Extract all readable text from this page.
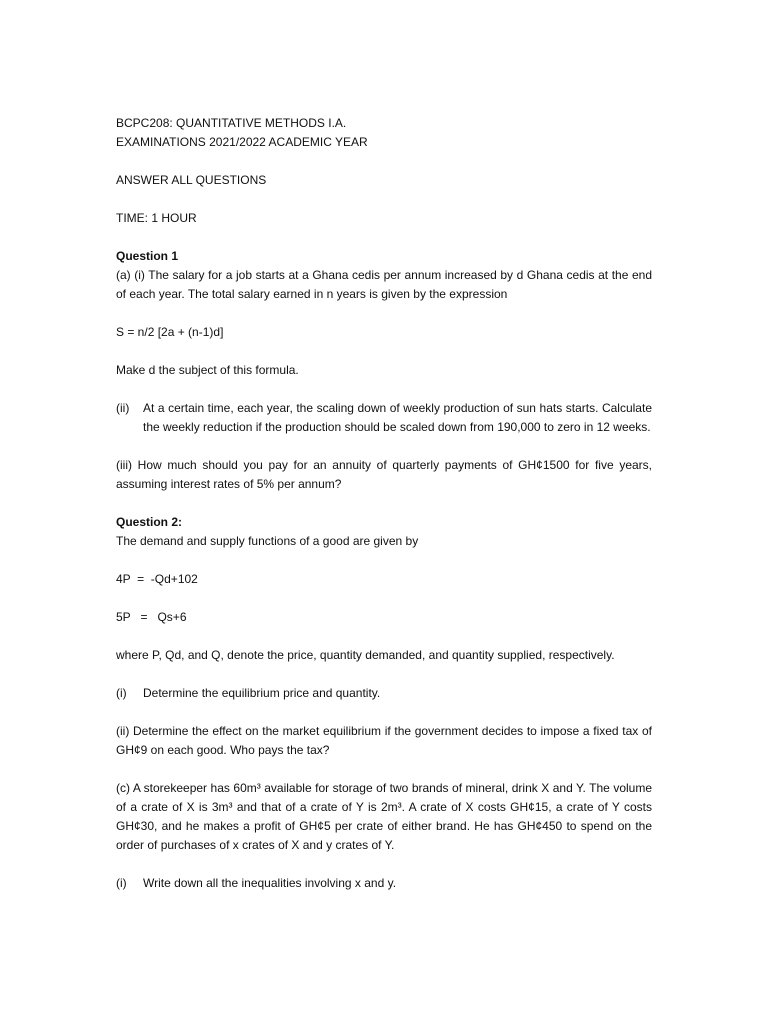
BCPC208: QUANTITATIVE METHODS I.A.

EXAMINATIONS 2021/2022 ACADEMIC YEAR

ANSWER ALL QUESTIONS

TIME: 1 HOUR

Question 1

(a) (i) The salary for a job starts at a Ghana cedis per annum increased by d Ghana cedis at the end of each year. The total salary earned in n years is given by the expression

S = n/2 [2a + (n-1)d]

Make d the subject of this formula.

(ii)	At a certain time, each year, the scaling down of weekly production of sun hats starts. Calculate the weekly reduction if the production should be scaled down from 190,000 to zero in 12 weeks.

(iii) How much should you pay for an annuity of quarterly payments of GH¢1500 for five years, assuming interest rates of 5% per annum?

Question 2:

The demand and supply functions of a good are given by

4P  =  -Qd+102

5P   =   Qs+6

where P, Qd, and Q, denote the price, quantity demanded, and quantity supplied, respectively.

(i)	Determine the equilibrium price and quantity.

(ii) Determine the effect on the market equilibrium if the government decides to impose a fixed tax of GH¢9 on each good. Who pays the tax?

(c) A storekeeper has 60m³ available for storage of two brands of mineral, drink X and Y. The volume of a crate of X is 3m³ and that of a crate of Y is 2m³. A crate of X costs GH¢15, a crate of Y costs GH¢30, and he makes a profit of GH¢5 per crate of either brand. He has GH¢450 to spend on the order of purchases of x crates of X and y crates of Y.

(i)	Write down all the inequalities involving x and y.
